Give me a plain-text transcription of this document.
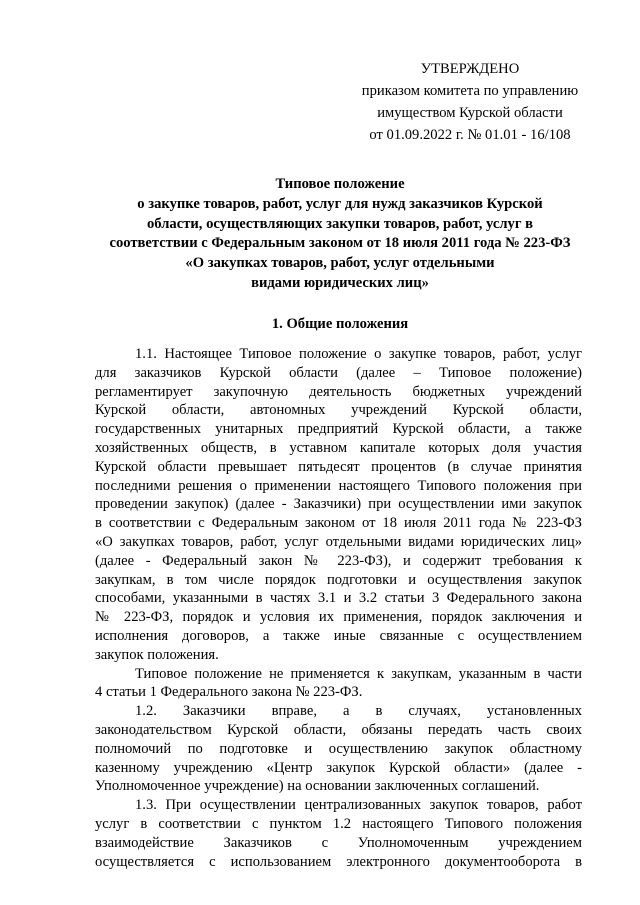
УТВЕРЖДЕНО
приказом комитета по управлению
имуществом Курской области
от 01.09.2022 г. № 01.01 - 16/108
Типовое положение
о закупке товаров, работ, услуг для нужд заказчиков Курской
области, осуществляющих закупки товаров, работ, услуг в
соответствии с Федеральным законом от 18 июля 2011 года № 223-ФЗ
«О закупках товаров, работ, услуг отдельными
видами юридических лиц»
1. Общие положения
1.1. Настоящее Типовое положение о закупке товаров, работ, услуг
для заказчиков Курской области (далее – Типовое положение)
регламентирует закупочную деятельность бюджетных учреждений
Курской области, автономных учреждений Курской области,
государственных унитарных предприятий Курской области, а также
хозяйственных обществ, в уставном капитале которых доля участия
Курской области превышает пятьдесят процентов (в случае принятия
последними решения о применении настоящего Типового положения при
проведении закупок) (далее - Заказчики) при осуществлении ими закупок
в соответствии с Федеральным законом от 18 июля 2011 года № 223-ФЗ
«О закупках товаров, работ, услуг отдельными видами юридических лиц»
(далее - Федеральный закон № 223-ФЗ), и содержит требования к
закупкам, в том числе порядок подготовки и осуществления закупок
способами, указанными в частях 3.1 и 3.2 статьи 3 Федерального закона
№ 223-ФЗ, порядок и условия их применения, порядок заключения и
исполнения договоров, а также иные связанные с осуществлением
закупок положения.
Типовое положение не применяется к закупкам, указанным в части
4 статьи 1 Федерального закона № 223-ФЗ.
1.2. Заказчики вправе, а в случаях, установленных
законодательством Курской области, обязаны передать часть своих
полномочий по подготовке и осуществлению закупок областному
казенному учреждению «Центр закупок Курской области» (далее -
Уполномоченное учреждение) на основании заключенных соглашений.
1.3. При осуществлении централизованных закупок товаров, работ
услуг в соответствии с пунктом 1.2 настоящего Типового положения
взаимодействие Заказчиков с Уполномоченным учреждением
осуществляется с использованием электронного документооборота в
